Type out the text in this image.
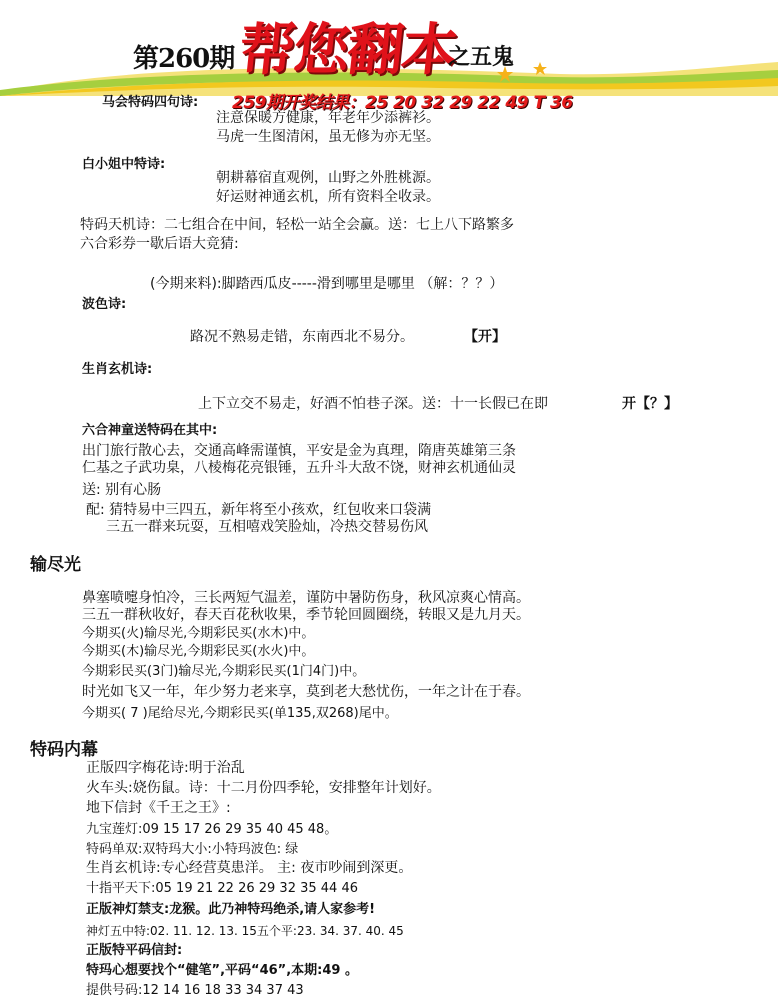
第260期 帮您翻本
之五鬼
259期开奖结果：25 20 32 29 22 49 T 36
马会特码四句诗:
注意保暖方健康，年老年少添裤衫。
马虎一生图清闲，虽无修为亦无坚。
白小姐中特诗:
朝耕幕宿直观例，山野之外胜桃源。
好运财神通玄机，所有资料全收录。
特码天机诗：二七组合在中间，轻松一站全会赢。送：七上八下路繁多
六合彩券一歇后语大竞猜:
(今期来料):脚踏西瓜皮-----滑到哪里是哪里 （解：？？）
波色诗:
路况不熟易走错，东南西北不易分。	【开】
生肖玄机诗:
上下立交不易走，好酒不怕巷子深。送：十一长假已在即	开【？】
六合神童送特码在其中:
出门旅行散心去，交通高峰需谨慎，平安是金为真理，隋唐英雄第三条
仁基之子武功臬，八棱梅花亮银锤，五升斗大敌不饶，财神玄机通仙灵
送: 别有心肠
配: 猜特易中三四五，新年将至小孩欢，红包收来口袋满
三五一群来玩耍，互相嘻戏笑脸灿，冷热交替易伤风
输尽光
鼻塞喷嚏身怕冷，三长两短气温差，谨防中暑防伤身，秋风凉爽心情高。
三五一群秋收好，春天百花秋收果，季节轮回圆圈绕，转眼又是九月天。
今期买(火)输尽光,今期彩民买(水木)中。
今期买(木)输尽光,今期彩民买(水火)中。
今期彩民买(3门)输尽光,今期彩民买(1门4门)中。
时光如飞又一年，年少努力老来享，莫到老大愁忧伤，一年之计在于春。
今期买( 7 )尾给尽光,今期彩民买(单135,双268)尾中。
特码内幕
正版四字梅花诗:明于治乱
火车头:娆伤鼠。诗：十二月份四季轮，安排整年计划好。
地下信封《千王之王》:
九宝莲灯:09 15 17 26 29 35 40 45 48。
特码单双:双特玛大小:小特玛波色: 绿
生肖玄机诗:专心经营莫患洋。 主: 夜市吵闹到深更。
十指平天下:05 19 21 22 26 29 32 35 44 46
正版神灯禁支:龙猴。此乃神特玛绝杀,请人家参考!
神灯五中特:02. 11. 12. 13. 15五个平:23. 34. 37. 40. 45
正版特平码信封:
特玛心想要找个“健笔”,平码“46”,本期:49 。
提供号码:12 14 16 18 33 34 37 43
